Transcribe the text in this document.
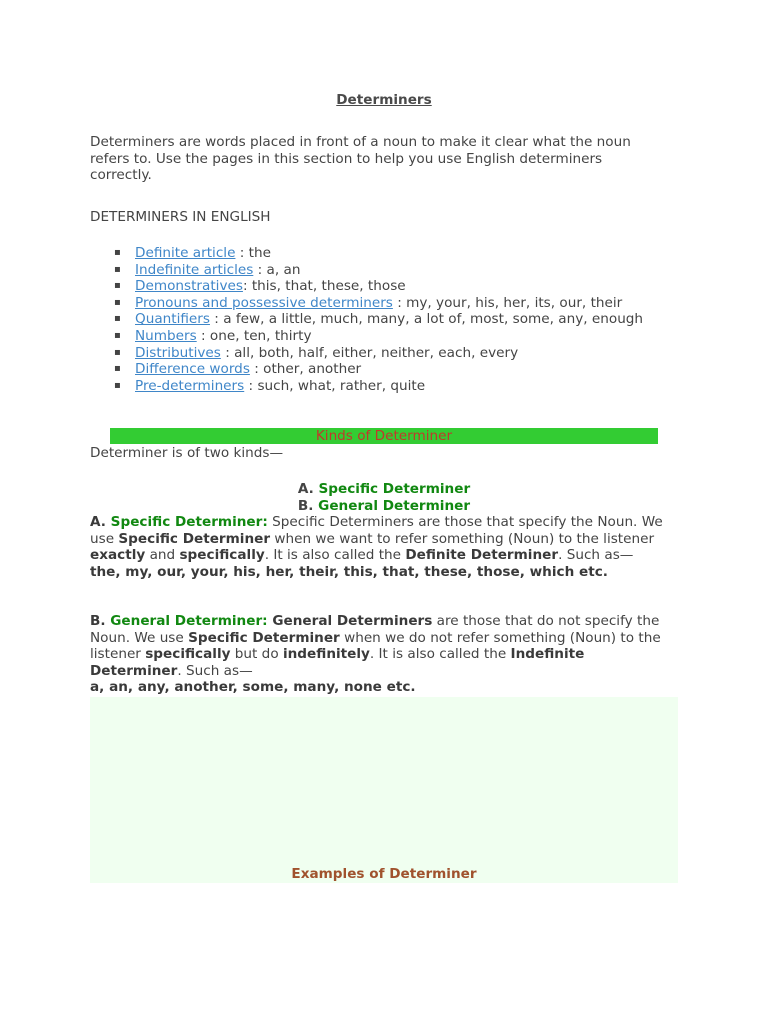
Determiners

Determiners are words placed in front of a noun to make it clear what the noun refers to. Use the pages in this section to help you use English determiners correctly.

DETERMINERS IN ENGLISH

▪ Definite article : the
▪ Indefinite articles : a, an
▪ Demonstratives: this, that, these, those
▪ Pronouns and possessive determiners : my, your, his, her, its, our, their
▪ Quantifiers : a few, a little, much, many, a lot of, most, some, any, enough
▪ Numbers : one, ten, thirty
▪ Distributives : all, both, half, either, neither, each, every
▪ Difference words : other, another
▪ Pre-determiners : such, what, rather, quite
Kinds of Determiner

Determiner is of two kinds—

A. Specific Determiner
B. General Determiner

A. Specific Determiner: Specific Determiners are those that specify the Noun. We use Specific Determiner when we want to refer something (Noun) to the listener exactly and specifically. It is also called the Definite Determiner. Such as—
the, my, our, your, his, her, their, this, that, these, those, which etc.

B. General Determiner: General Determiners are those that do not specify the Noun. We use Specific Determiner when we do not refer something (Noun) to the listener specifically but do indefinitely. It is also called the Indefinite Determiner. Such as—
a, an, any, another, some, many, none etc.

Examples of Determiner
